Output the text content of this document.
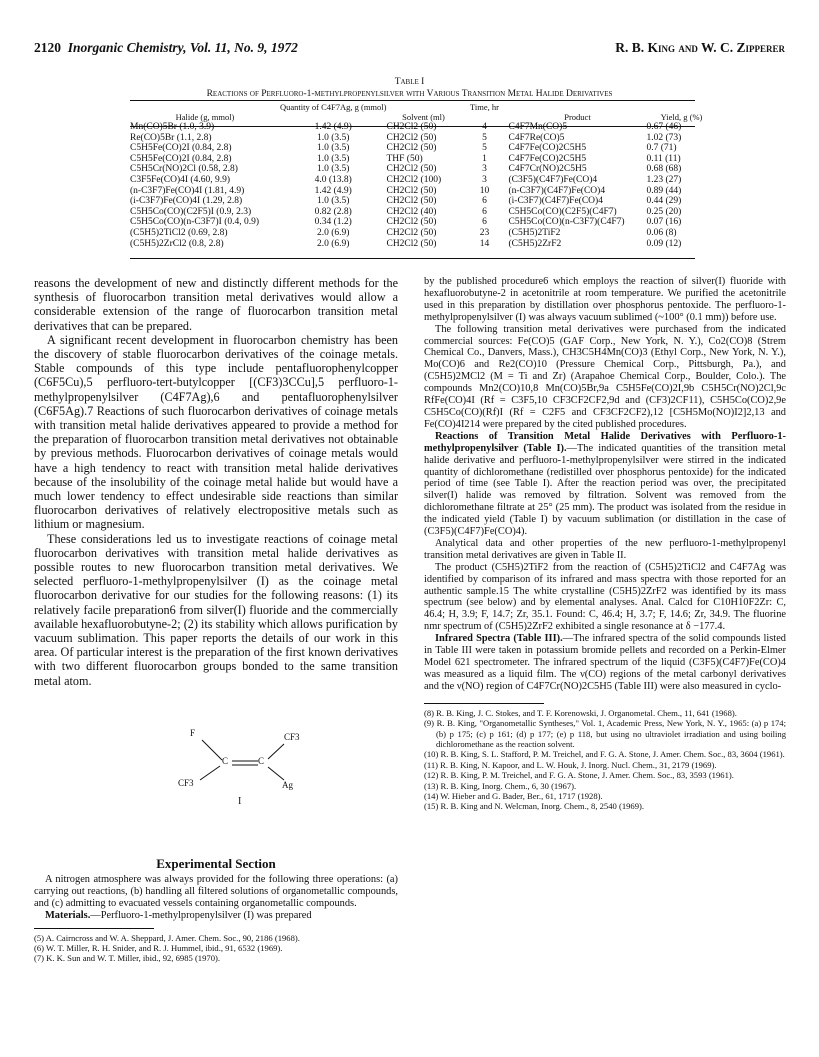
2120 Inorganic Chemistry, Vol. 11, No. 9, 1972	R. B. King and W. C. Zipperer
Table I
Reactions of Perfluoro-1-methylpropenylsilver with Various Transition Metal Halide Derivatives
Halide (g, mmol)	Quantity of C4F7Ag, g (mmol)	Solvent (ml)	Time, hr	Product	Yield, g (%)
Mn(CO)5Br (1.0, 3.9)	1.42 (4.9)	CH2Cl2 (50)	4	C4F7Mn(CO)5	0.67 (46)
Re(CO)5Br (1.1, 2.8)	1.0 (3.5)	CH2Cl2 (50)	5	C4F7Re(CO)5	1.02 (73)
C5H5Fe(CO)2I (0.84, 2.8)	1.0 (3.5)	CH2Cl2 (50)	5	C4F7Fe(CO)2C5H5	0.7 (71)
C5H5Fe(CO)2I (0.84, 2.8)	1.0 (3.5)	THF (50)	1	C4F7Fe(CO)2C5H5	0.11 (11)
C5H5Cr(NO)2Cl (0.58, 2.8)	1.0 (3.5)	CH2Cl2 (50)	3	C4F7Cr(NO)2C5H5	0.68 (68)
C3F5Fe(CO)4I (4.60, 9.9)	4.0 (13.8)	CH2Cl2 (100)	3	(C3F5)(C4F7)Fe(CO)4	1.23 (27)
(n-C3F7)Fe(CO)4I (1.81, 4.9)	1.42 (4.9)	CH2Cl2 (50)	10	(n-C3F7)(C4F7)Fe(CO)4	0.89 (44)
(i-C3F7)Fe(CO)4I (1.29, 2.8)	1.0 (3.5)	CH2Cl2 (50)	6	(i-C3F7)(C4F7)Fe(CO)4	0.44 (29)
C5H5Co(CO)(C2F5)I (0.9, 2.3)	0.82 (2.8)	CH2Cl2 (40)	6	C5H5Co(CO)(C2F5)(C4F7)	0.25 (20)
C5H5Co(CO)(n-C3F7)I (0.4, 0.9)	0.34 (1.2)	CH2Cl2 (50)	6	C5H5Co(CO)(n-C3F7)(C4F7)	0.07 (16)
(C5H5)2TiCl2 (0.69, 2.8)	2.0 (6.9)	CH2Cl2 (50)	23	(C5H5)2TiF2	0.06 (8)
(C5H5)2ZrCl2 (0.8, 2.8)	2.0 (6.9)	CH2Cl2 (50)	14	(C5H5)2ZrF2	0.09 (12)

reasons the development of new and distinctly different methods for the synthesis of fluorocarbon transition metal derivatives would allow a considerable extension of the range of fluorocarbon transition metal derivatives that can be prepared.

A significant recent development in fluorocarbon chemistry has been the discovery of stable fluorocarbon derivatives of the coinage metals. Stable compounds of this type include pentafluorophenylcopper (C6F5Cu),5 perfluoro-tert-butylcopper [(CF3)3CCu],5 perfluoro-1-methylpropenylsilver (C4F7Ag),6 and pentafluorophenylsilver (C6F5Ag).7 Reactions of such fluorocarbon derivatives of coinage metals with transition metal halide derivatives appeared to provide a method for the preparation of fluorocarbon transition metal derivatives not obtainable by previous methods. Fluorocarbon derivatives of coinage metals would have a high tendency to react with transition metal halide derivatives because of the insolubility of the coinage metal halide but would have a much lower tendency to effect undesirable side reactions than similar fluorocarbon derivatives of relatively electropositive metals such as lithium or magnesium.

These considerations led us to investigate reactions of coinage metal fluorocarbon derivatives with transition metal halide derivatives as possible routes to new fluorocarbon transition metal derivatives. We selected perfluoro-1-methylpropenylsilver (I) as the coinage metal fluorocarbon derivative for our studies for the following reasons: (1) its relatively facile preparation6 from silver(I) fluoride and the commercially available hexafluorobutyne-2; (2) its stability which allows purification by vacuum sublimation. This paper reports the details of our work in this area. Of particular interest is the preparation of the first known derivatives with two different fluorocarbon groups bonded to the same transition metal atom.

F	CF3
CF3
C	C
Ag
I
Experimental Section

A nitrogen atmosphere was always provided for the following three operations: (a) carrying out reactions, (b) handling all filtered solutions of organometallic compounds, and (c) admitting to evacuated vessels containing organometallic compounds.

Materials.—Perfluoro-1-methylpropenylsilver (I) was prepared

(5) A. Cairncross and W. A. Sheppard, J. Amer. Chem. Soc., 90, 2186 (1968).

(6) W. T. Miller, R. H. Snider, and R. J. Hummel, ibid., 91, 6532 (1969).

(7) K. K. Sun and W. T. Miller, ibid., 92, 6985 (1970).

by the published procedure6 which employs the reaction of silver(I) fluoride with hexafluorobutyne-2 in acetonitrile at room temperature. We purified the acetonitrile used in this preparation by distillation over phosphorus pentoxide. The perfluoro-1-methylpropenylsilver (I) was always vacuum sublimed (~100° (0.1 mm)) before use.

The following transition metal derivatives were purchased from the indicated commercial sources: Fe(CO)5 (GAF Corp., New York, N. Y.), Co2(CO)8 (Strem Chemical Co., Danvers, Mass.), CH3C5H4Mn(CO)3 (Ethyl Corp., New York, N. Y.), Mo(CO)6 and Re2(CO)10 (Pressure Chemical Corp., Pittsburgh, Pa.), and (C5H5)2MCl2 (M = Ti and Zr) (Arapahoe Chemical Corp., Boulder, Colo.). The compounds Mn2(CO)10,8 Mn(CO)5Br,9a C5H5Fe(CO)2I,9b C5H5Cr(NO)2Cl,9c RfFe(CO)4I (Rf = C3F5,10 CF3CF2CF2,9d and (CF3)2CF11), C5H5Co(CO)2,9e C5H5Co(CO)(Rf)I (Rf = C2F5 and CF3CF2CF2),12 [C5H5Mo(NO)I2]2,13 and Fe(CO)4I214 were prepared by the cited published procedures.

Reactions of Transition Metal Halide Derivatives with Perfluoro-1-methylpropenylsilver (Table I).—The indicated quantities of the transition metal halide derivative and perfluoro-1-methylpropenylsilver were stirred in the indicated quantity of dichloromethane (redistilled over phosphorus pentoxide) for the indicated period of time (see Table I). After the reaction period was over, the precipitated silver(I) halide was removed by filtration. Solvent was removed from the dichloromethane filtrate at 25° (25 mm). The product was isolated from the residue in the indicated yield (Table I) by vacuum sublimation (or distillation in the case of (C3F5)(C4F7)Fe(CO)4).

Analytical data and other properties of the new perfluoro-1-methylpropenyl transition metal derivatives are given in Table II.

The product (C5H5)2TiF2 from the reaction of (C5H5)2TiCl2 and C4F7Ag was identified by comparison of its infrared and mass spectra with those reported for an authentic sample.15 The white crystalline (C5H5)2ZrF2 was identified by its mass spectrum (see below) and by elemental analyses. Anal. Calcd for C10H10F2Zr: C, 46.4; H, 3.9; F, 14.7; Zr, 35.1. Found: C, 46.4; H, 3.7; F, 14.6; Zr, 34.9. The fluorine nmr spectrum of (C5H5)2ZrF2 exhibited a single resonance at δ −177.4.

Infrared Spectra (Table III).—The infrared spectra of the solid compounds listed in Table III were taken in potassium bromide pellets and recorded on a Perkin-Elmer Model 621 spectrometer. The infrared spectrum of the liquid (C3F5)(C4F7)Fe(CO)4 was measured as a liquid film. The ν(CO) regions of the metal carbonyl derivatives and the ν(NO) region of C4F7Cr(NO)2C5H5 (Table III) were also measured in cyclo-

(8) R. B. King, J. C. Stokes, and T. F. Korenowski, J. Organometal. Chem., 11, 641 (1968).

(9) R. B. King, "Organometallic Syntheses," Vol. 1, Academic Press, New York, N. Y., 1965: (a) p 174; (b) p 175; (c) p 161; (d) p 177; (e) p 118, but using no ultraviolet irradiation and using boiling dichloromethane as the reaction solvent.

(10) R. B. King, S. L. Stafford, P. M. Treichel, and F. G. A. Stone, J. Amer. Chem. Soc., 83, 3604 (1961).

(11) R. B. King, N. Kapoor, and L. W. Houk, J. Inorg. Nucl. Chem., 31, 2179 (1969).

(12) R. B. King, P. M. Treichel, and F. G. A. Stone, J. Amer. Chem. Soc., 83, 3593 (1961).

(13) R. B. King, Inorg. Chem., 6, 30 (1967).

(14) W. Hieber and G. Bader, Ber., 61, 1717 (1928).

(15) R. B. King and N. Welcman, Inorg. Chem., 8, 2540 (1969).
